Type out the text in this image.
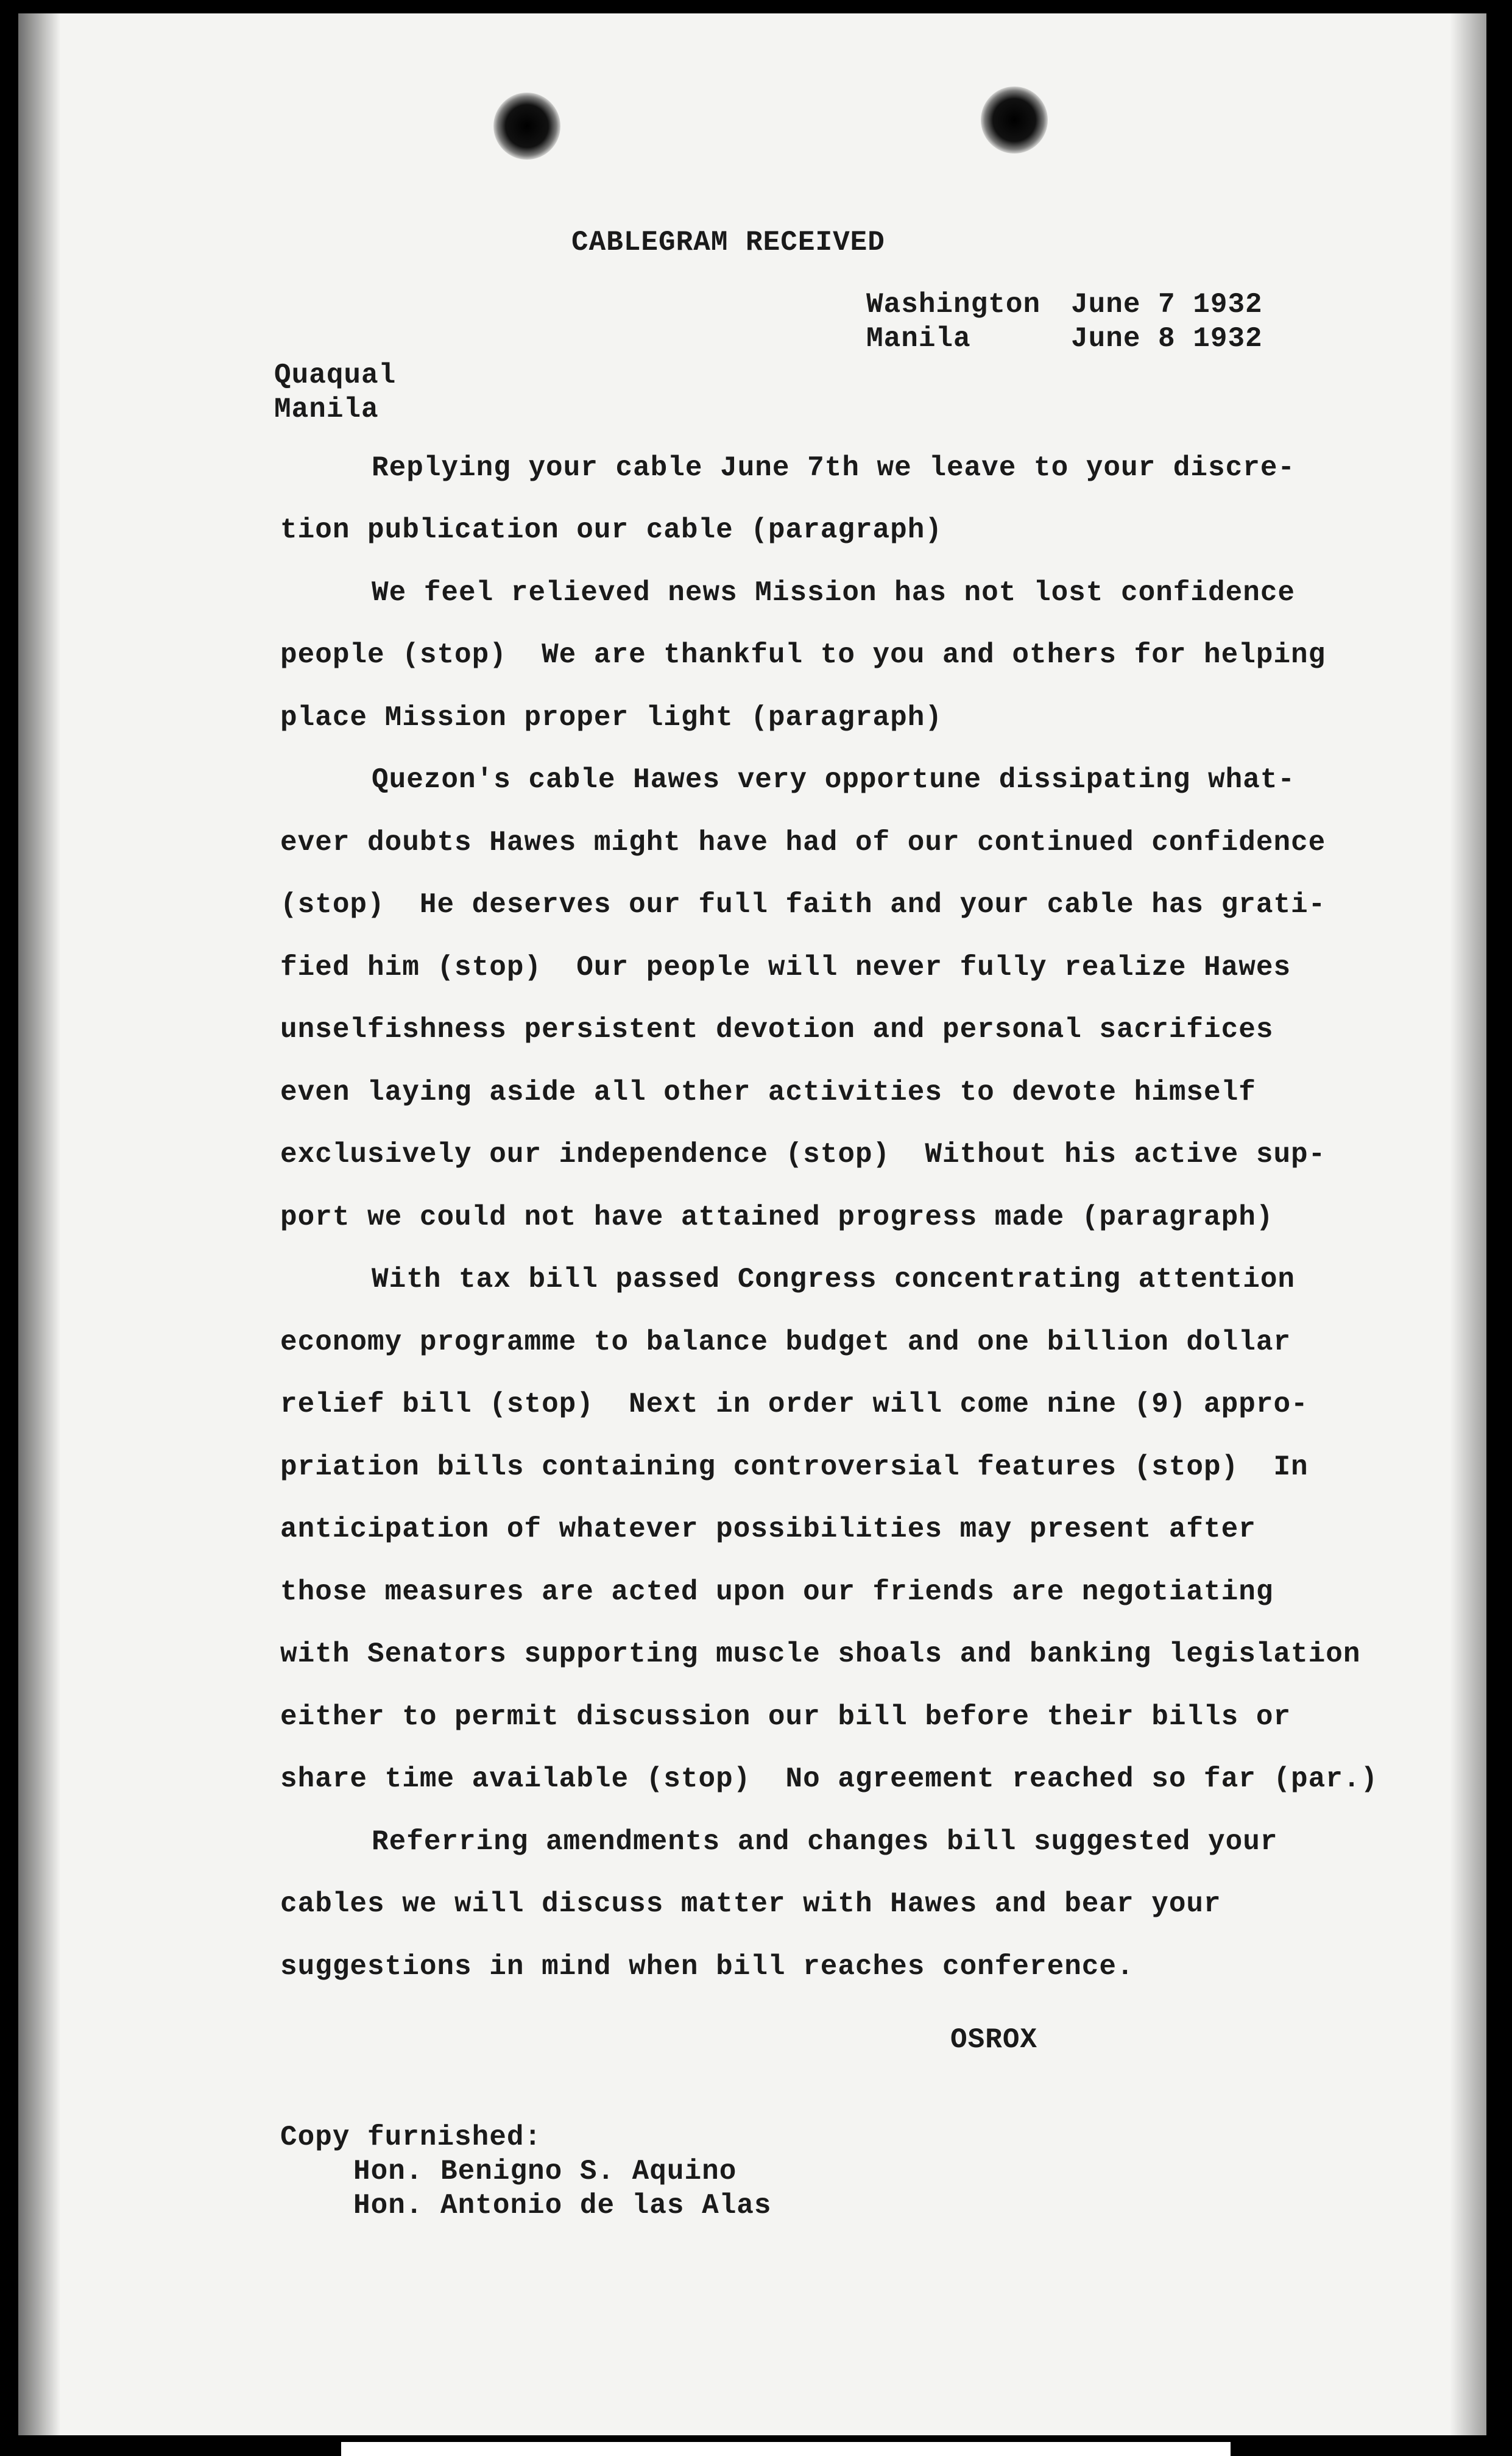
CABLEGRAM RECEIVED
Washington June 7 1932
Manila	June 8 1932
Quaqual
Manila
Replying your cable June 7th we leave to your discre-
tion publication our cable (paragraph)
We feel relieved news Mission has not lost confidence
people (stop)  We are thankful to you and others for helping
place Mission proper light (paragraph)
Quezon's cable Hawes very opportune dissipating what-
ever doubts Hawes might have had of our continued confidence
(stop)  He deserves our full faith and your cable has grati-
fied him (stop)  Our people will never fully realize Hawes
unselfishness persistent devotion and personal sacrifices
even laying aside all other activities to devote himself
exclusively our independence (stop)  Without his active sup-
port we could not have attained progress made (paragraph)
With tax bill passed Congress concentrating attention
economy programme to balance budget and one billion dollar
relief bill (stop)  Next in order will come nine (9) appro-
priation bills containing controversial features (stop)  In
anticipation of whatever possibilities may present after
those measures are acted upon our friends are negotiating
with Senators supporting muscle shoals and banking legislation
either to permit discussion our bill before their bills or
share time available (stop)  No agreement reached so far (par.)
Referring amendments and changes bill suggested your
cables we will discuss matter with Hawes and bear your
suggestions in mind when bill reaches conference.
OSROX
Copy furnished:
Hon. Benigno S. Aquino
Hon. Antonio de las Alas
